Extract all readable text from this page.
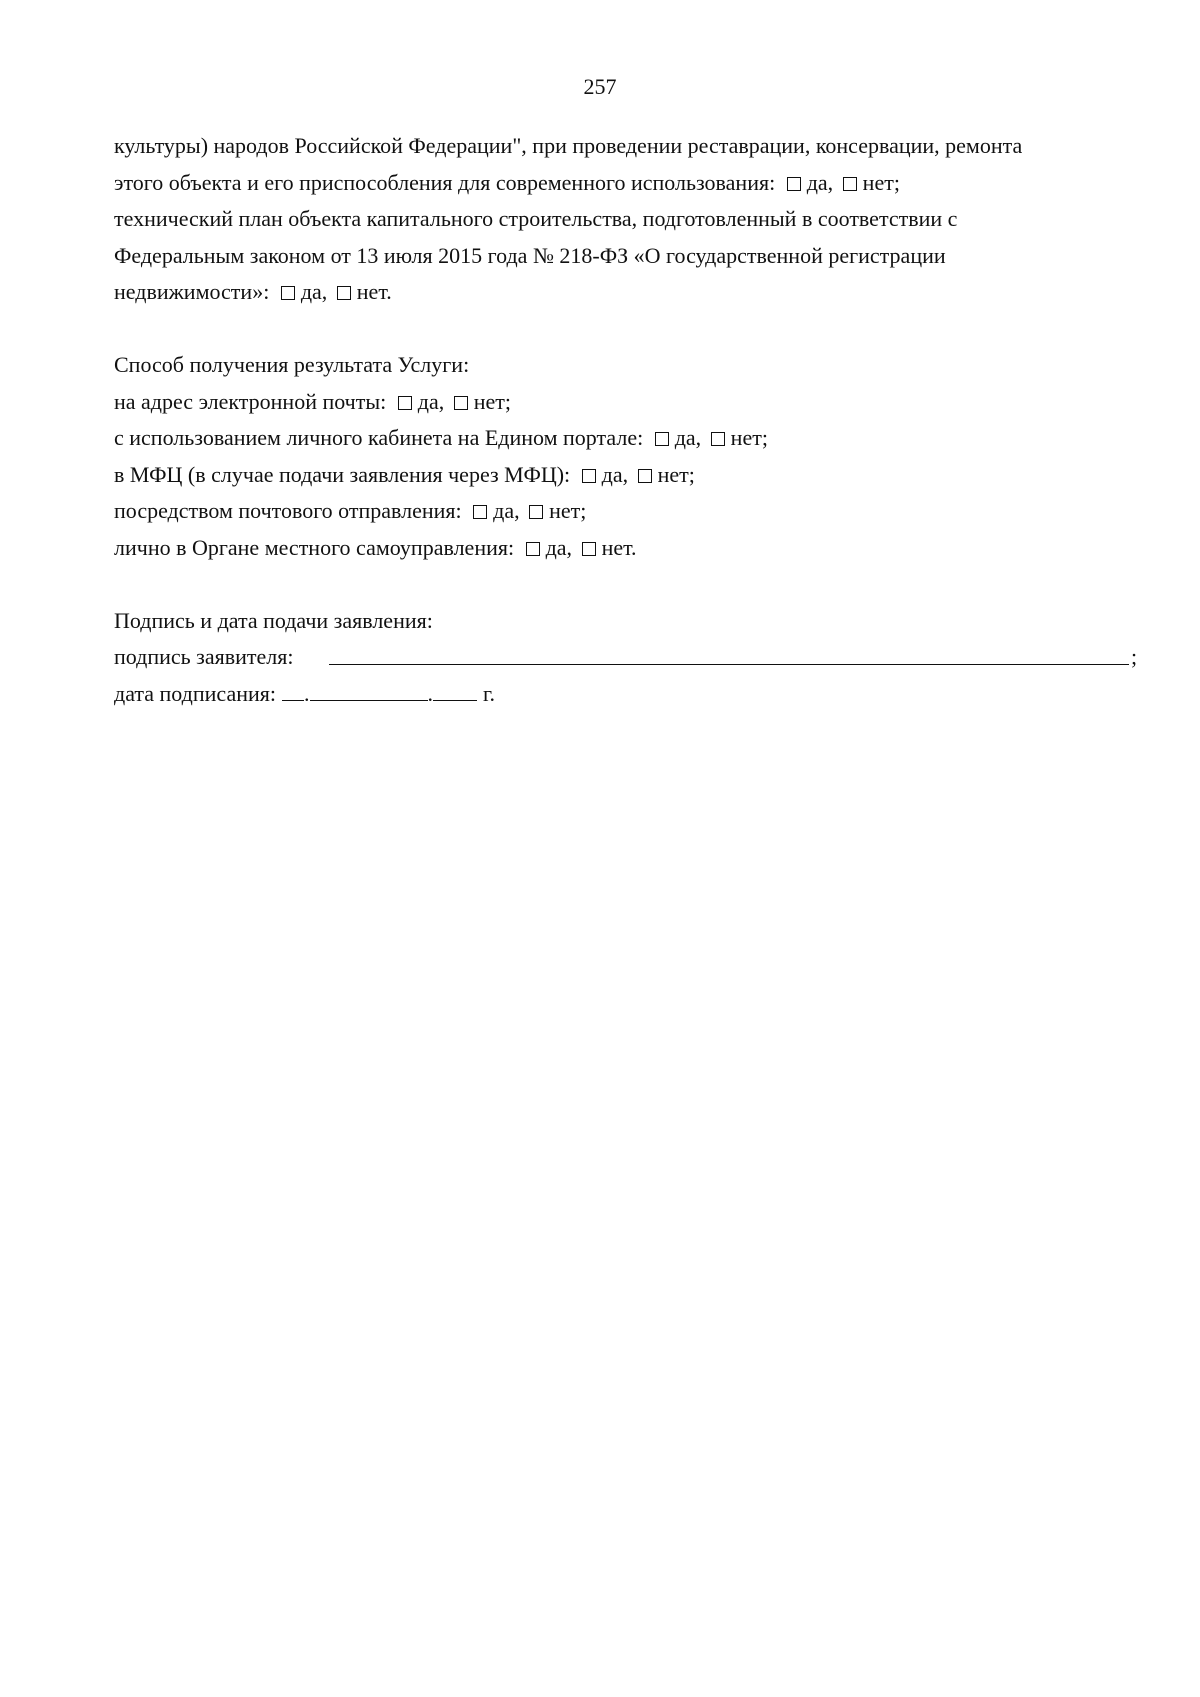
257
культуры) народов Российской Федерации", при проведении реставрации, консервации, ремонта
этого объекта и его приспособления для современного использования: да, нет;
технический план объекта капитального строительства, подготовленный в соответствии с
Федеральным законом от 13 июля 2015 года № 218-ФЗ «О государственной регистрации
недвижимости»: да, нет.
Способ получения результата Услуги:
на адрес электронной почты: да, нет;
с использованием личного кабинета на Едином портале: да, нет;
в МФЦ (в случае подачи заявления через МФЦ): да, нет;
посредством почтового отправления: да, нет;
лично в Органе местного самоуправления: да, нет.
Подпись и дата подачи заявления:
подпись заявителя:	;
дата подписания: .	. г.
